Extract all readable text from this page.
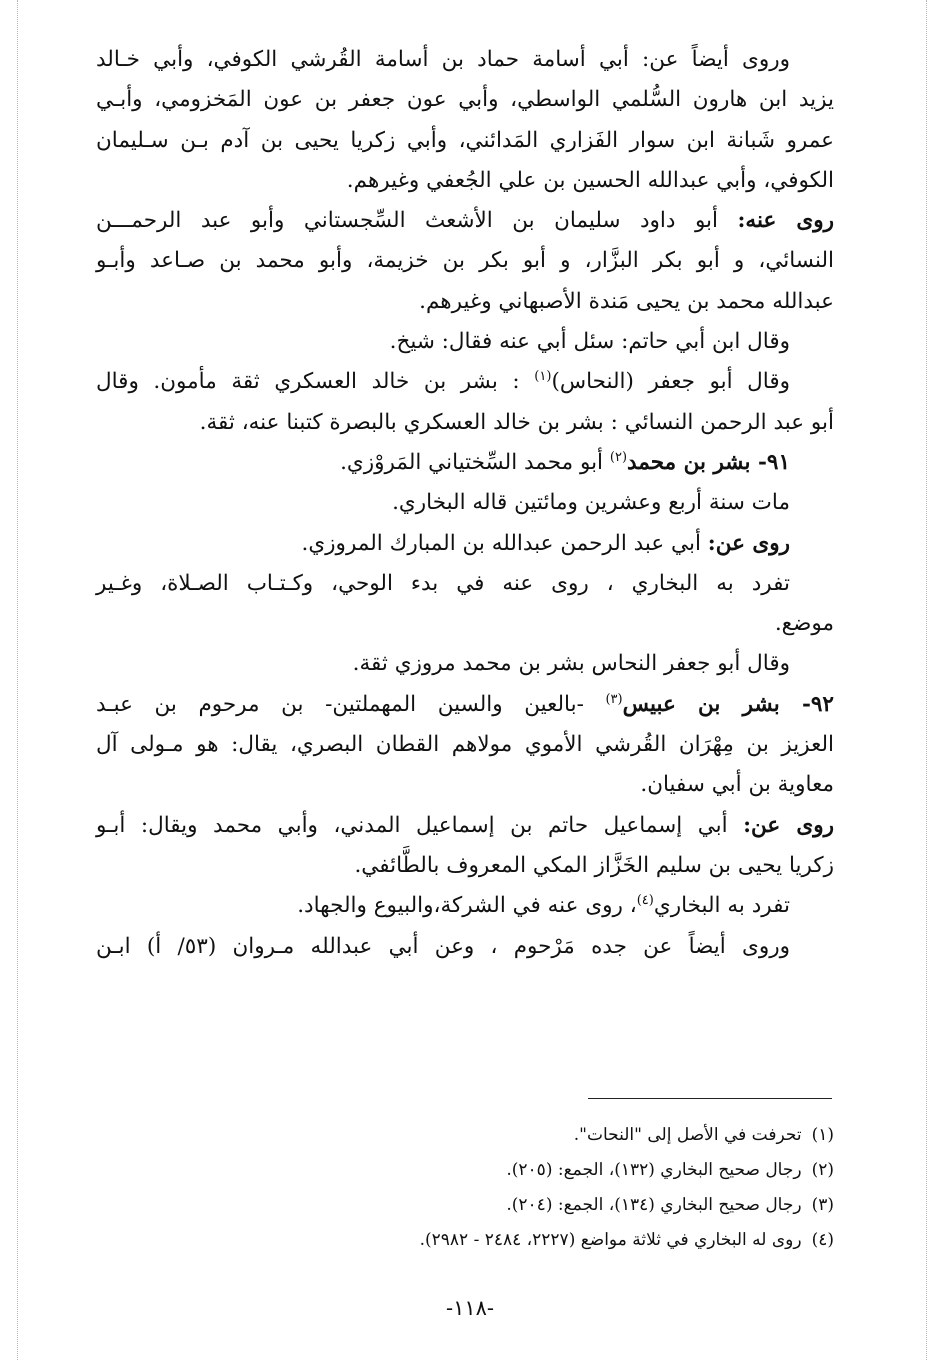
وروى أيضاً عن: أبي أسامة حماد بن أسامة القُرشي الكوفي، وأبي خـالد

يزيد ابن هارون السُّلمي الواسطي، وأبي عون جعفر بن عون المَخزومي، وأبـي

عمرو شَبانة ابن سوار الفَزاري المَدائني، وأبي زكريا يحيى بن آدم بـن سـليمان

الكوفي، وأبي عبدالله الحسين بن علي الجُعفي وغيرهم.

روى عنه: أبو داود سليمان بن الأشعث السِّجستاني وأبو عبد الرحمـــن

النسائي، و أبو بكر البزَّار، و أبو بكر بن خزيمة، وأبو محمد بن صـاعد وأبـو

عبدالله محمد بن يحيى مَندة الأصبهاني وغيرهم.

وقال ابن أبي حاتم: سئل أبي عنه فقال: شيخ.

وقال أبو جعفر (النحاس)$^{(١)}$ : بشر بن خالد العسكري ثقة مأمون. وقال

أبو عبد الرحمن النسائي : بشر بن خالد العسكري بالبصرة كتبنا عنه، ثقة.

٩١- بشر بن محمد$^{(٢)}$ أبو محمد السِّختياني المَروْزي.

مات سنة أربع وعشرين ومائتين قاله البخاري.

روى عن: أبي عبد الرحمن عبدالله بن المبارك المروزي.

تفرد به البخاري ، روى عنه في بدء الوحي، وكـتـاب الصـلاة، وغـير

موضع.

وقال أبو جعفر النحاس بشر بن محمد مروزي ثقة.

٩٢- بشر بن عبيس$^{(٣)}$ -بالعين والسين المهملتين- بن مرحوم بن عبـد

العزيز بن مِهْرَان القُرشي الأموي مولاهم القطان البصري، يقال: هو مـولى آل

معاوية بن أبي سفيان.

روى عن: أبي إسماعيل حاتم بن إسماعيل المدني، وأبي محمد ويقال: أبـو

زكريا يحيى بن سليم الخَزَّاز المكي المعروف بالطَّائفي.

تفرد به البخاري$^{(٤)}$، روى عنه في الشركة،والبيوع والجهاد.

وروى أيضاً عن جده مَرْحوم ، وعن أبي عبدالله مـروان (٥٣/ أ) ابـن

(١)تحرفت في الأصل إلى "النحات".

(٢)رجال صحيح البخاري (١٣٢)، الجمع: (٢٠٥).

(٣)رجال صحيح البخاري (١٣٤)، الجمع: (٢٠٤).

(٤)روى له البخاري في ثلاثة مواضع (٢٢٢٧، ٢٤٨٤ - ٢٩٨٢).

-١١٨-
